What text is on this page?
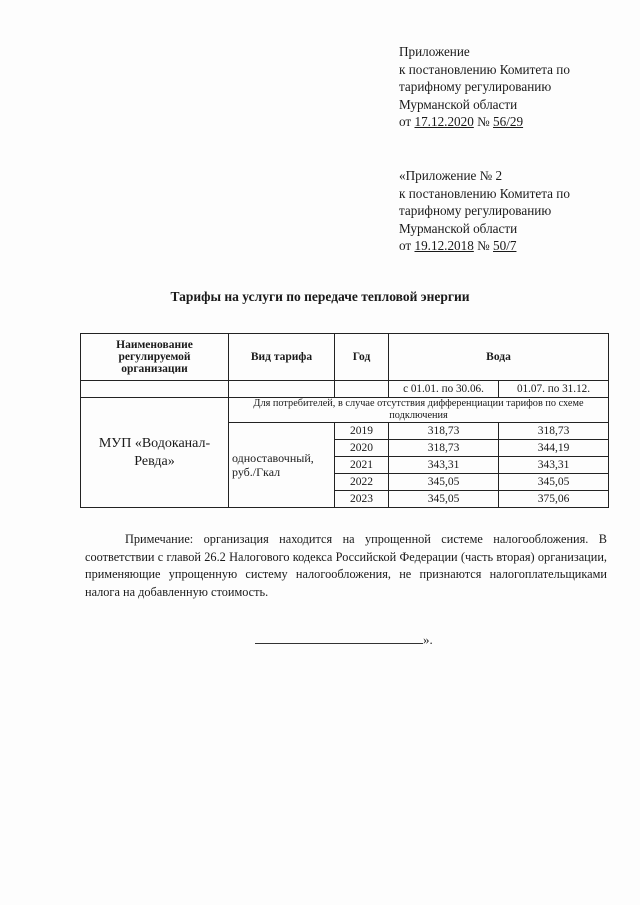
Приложение
к постановлению Комитета по
тарифному регулированию
Мурманской области
от 17.12.2020 № 56/29
«Приложение № 2
к постановлению Комитета по
тарифному регулированию
Мурманской области
от 19.12.2018 № 50/7
Тарифы на услуги по передаче тепловой энергии
Наименование регулируемой организации	Вид тарифа	Год	Вода	
			с 01.01. по 30.06.	01.07. по 31.12.
МУП «Водоканал-Ревда»	Для потребителей, в случае отсутствия дифференциации тарифов по схеме подключения			
	одноставочный, руб./Гкал	2019	318,73	318,73
		2020	318,73	344,19
		2021	343,31	343,31
		2022	345,05	345,05
		2023	345,05	375,06
Примечание: организация находится на упрощенной системе налогообложения. В соответствии с главой 26.2 Налогового кодекса Российской Федерации (часть вторая) организации, применяющие упрощенную систему налогообложения, не признаются налогоплательщиками налога на добавленную стоимость.
».
